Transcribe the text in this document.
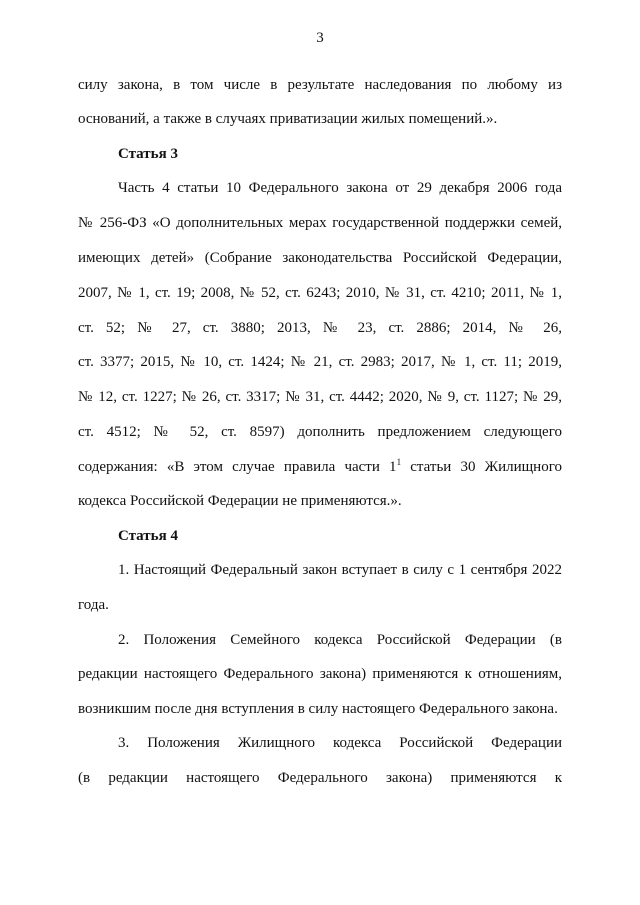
3
силу закона, в том числе в результате наследования по любому из
оснований, а также в случаях приватизации жилых помещений.».
Статья 3
Часть 4 статьи 10 Федерального закона от 29 декабря 2006 года
№ 256-ФЗ «О дополнительных мерах государственной поддержки семей,
имеющих детей» (Собрание законодательства Российской Федерации,
2007, № 1, ст. 19; 2008, № 52, ст. 6243; 2010, № 31, ст. 4210; 2011, № 1,
ст. 52; № 27, ст. 3880; 2013, № 23, ст. 2886; 2014, № 26,
ст. 3377; 2015, № 10, ст. 1424; № 21, ст. 2983; 2017, № 1, ст. 11; 2019,
№ 12, ст. 1227; № 26, ст. 3317; № 31, ст. 4442; 2020, № 9, ст. 1127; № 29,
ст. 4512; № 52, ст. 8597) дополнить предложением следующего
содержания: «В этом случае правила части $1^1$ статьи 30 Жилищного
кодекса Российской Федерации не применяются.».
Статья 4
1. Настоящий Федеральный закон вступает в силу с 1 сентября 2022
года.
2. Положения Семейного кодекса Российской Федерации (в
редакции настоящего Федерального закона) применяются к отношениям,
возникшим после дня вступления в силу настоящего Федерального закона.
3. Положения Жилищного кодекса Российской Федерации
(в редакции настоящего Федерального закона) применяются к
